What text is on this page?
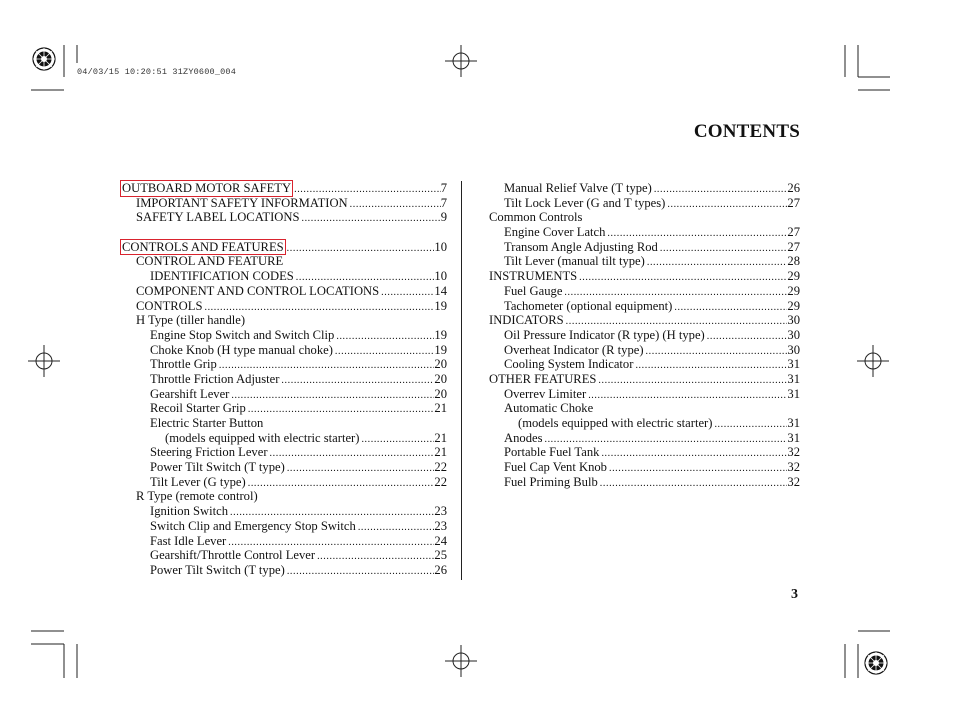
04/03/15 10:20:51 31ZY0600_004
CONTENTS
OUTBOARD MOTOR SAFETY .....	7
IMPORTANT SAFETY INFORMATION .....	7
SAFETY LABEL LOCATIONS .....	9
CONTROLS AND FEATURES .....	10
CONTROL AND FEATURE
IDENTIFICATION CODES .....	10
COMPONENT AND CONTROL LOCATIONS .....	14
CONTROLS .....	19
H Type (tiller handle)
Engine Stop Switch and Switch Clip .....	19
Choke Knob (H type manual choke) .....	19
Throttle Grip .....	20
Throttle Friction Adjuster .....	20
Gearshift Lever .....	20
Recoil Starter Grip .....	21
Electric Starter Button
(models equipped with electric starter) .....	21
Steering Friction Lever .....	21
Power Tilt Switch (T type) .....	22
Tilt Lever (G type) .....	22
R Type (remote control)
Ignition Switch .....	23
Switch Clip and Emergency Stop Switch .....	23
Fast Idle Lever .....	24
Gearshift/Throttle Control Lever .....	25
Power Tilt Switch (T type) .....	26
Manual Relief Valve (T type) .....	26
Tilt Lock Lever (G and T types) .....	27
Common Controls
Engine Cover Latch .....	27
Transom Angle Adjusting Rod .....	27
Tilt Lever (manual tilt type) .....	28
INSTRUMENTS .....	29
Fuel Gauge .....	29
Tachometer (optional equipment) .....	29
INDICATORS .....	30
Oil Pressure Indicator (R type) (H type) .....	30
Overheat Indicator (R type) .....	30
Cooling System Indicator .....	31
OTHER FEATURES .....	31
Overrev Limiter .....	31
Automatic Choke
(models equipped with electric starter) .....	31
Anodes .....	31
Portable Fuel Tank .....	32
Fuel Cap Vent Knob .....	32
Fuel Priming Bulb .....	32
3
